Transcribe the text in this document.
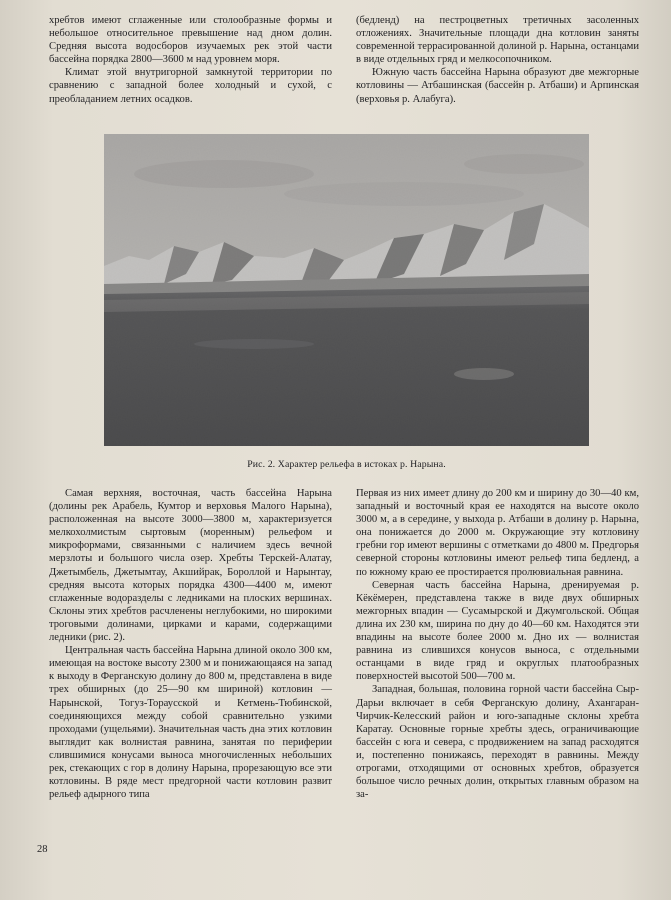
хребтов имеют сглаженные или столообразные формы и небольшое относительное превышение над дном долин. Средняя высота водосборов изучаемых рек этой части бассейна порядка 2800—3600 м над уровнем моря.

Климат этой внутригорной замкнутой территории по сравнению с западной более холодный и сухой, с преобладанием летних осадков.

(бедленд) на пестроцветных третичных засоленных отложениях. Значительные площади дна котловин заняты современной террасированной долиной р. Нарына, останцами в виде отдельных гряд и мелкосопочником.

Южную часть бассейна Нарына образуют две межгорные котловины — Атбашинская (бассейн р. Атбаши) и Арпинская (верховья р. Алабуга).

Рис. 2. Характер рельефа в истоках р. Нарына.

Самая верхняя, восточная, часть бассейна Нарына (долины рек Арабель, Кумтор и верховья Малого Нарына), расположенная на высоте 3000—3800 м, характеризуется мелкохолмистым сыртовым (моренным) рельефом и микроформами, связанными с наличием здесь вечной мерзлоты и большого числа озер. Хребты Терскей-Алатау, Джетымбель, Джетымтау, Акшийрак, Бороллой и Нарынтау, средняя высота которых порядка 4300—4400 м, имеют сглаженные водоразделы с ледниками на плоских вершинах. Склоны этих хребтов расчленены неглубокими, но широкими троговыми долинами, цирками и карами, содержащими ледники (рис. 2).

Центральная часть бассейна Нарына длиной около 300 км, имеющая на востоке высоту 2300 м и понижающаяся на запад к выходу в Ферганскую долину до 800 м, представлена в виде трех обширных (до 25—90 км шириной) котловин — Нарынской, Тогуз-Тораусской и Кетмень-Тюбинской, соединяющихся между собой сравнительно узкими проходами (ущельями). Значительная часть дна этих котловин выглядит как волнистая равнина, занятая по периферии слившимися конусами выноса многочисленных небольших рек, стекающих с гор в долину Нарына, прорезающую все эти котловины. В ряде мест предгорной части котловин развит рельеф адырного типа

Первая из них имеет длину до 200 км и ширину до 30—40 км, западный и восточный края ее находятся на высоте около 3000 м, а в середине, у выхода р. Атбаши в долину р. Нарына, она понижается до 2000 м. Окружающие эту котловину гребни гор имеют вершины с отметками до 4800 м. Предгорья северной стороны котловины имеют рельеф типа бедленд, а по южному краю ее простирается пролювиальная равнина.

Северная часть бассейна Нарына, дренируемая р. Кёкёмерен, представлена также в виде двух обширных межгорных впадин — Сусамырской и Джумгольской. Общая длина их 230 км, ширина по дну до 40—60 км. Находятся эти впадины на высоте более 2000 м. Дно их — волнистая равнина из слившихся конусов выноса, с отдельными останцами в виде гряд и округлых платообразных поверхностей высотой 500—700 м.

Западная, большая, половина горной части бассейна Сыр-Дарьи включает в себя Ферганскую долину, Ахангаран-Чирчик-Келесский район и юго-западные склоны хребта Каратау. Основные горные хребты здесь, ограничивающие бассейн с юга и севера, с продвижением на запад расходятся и, постепенно понижаясь, переходят в равнины. Между отрогами, отходящими от основных хребтов, образуется большое число речных долин, открытых главным образом на за-

28
